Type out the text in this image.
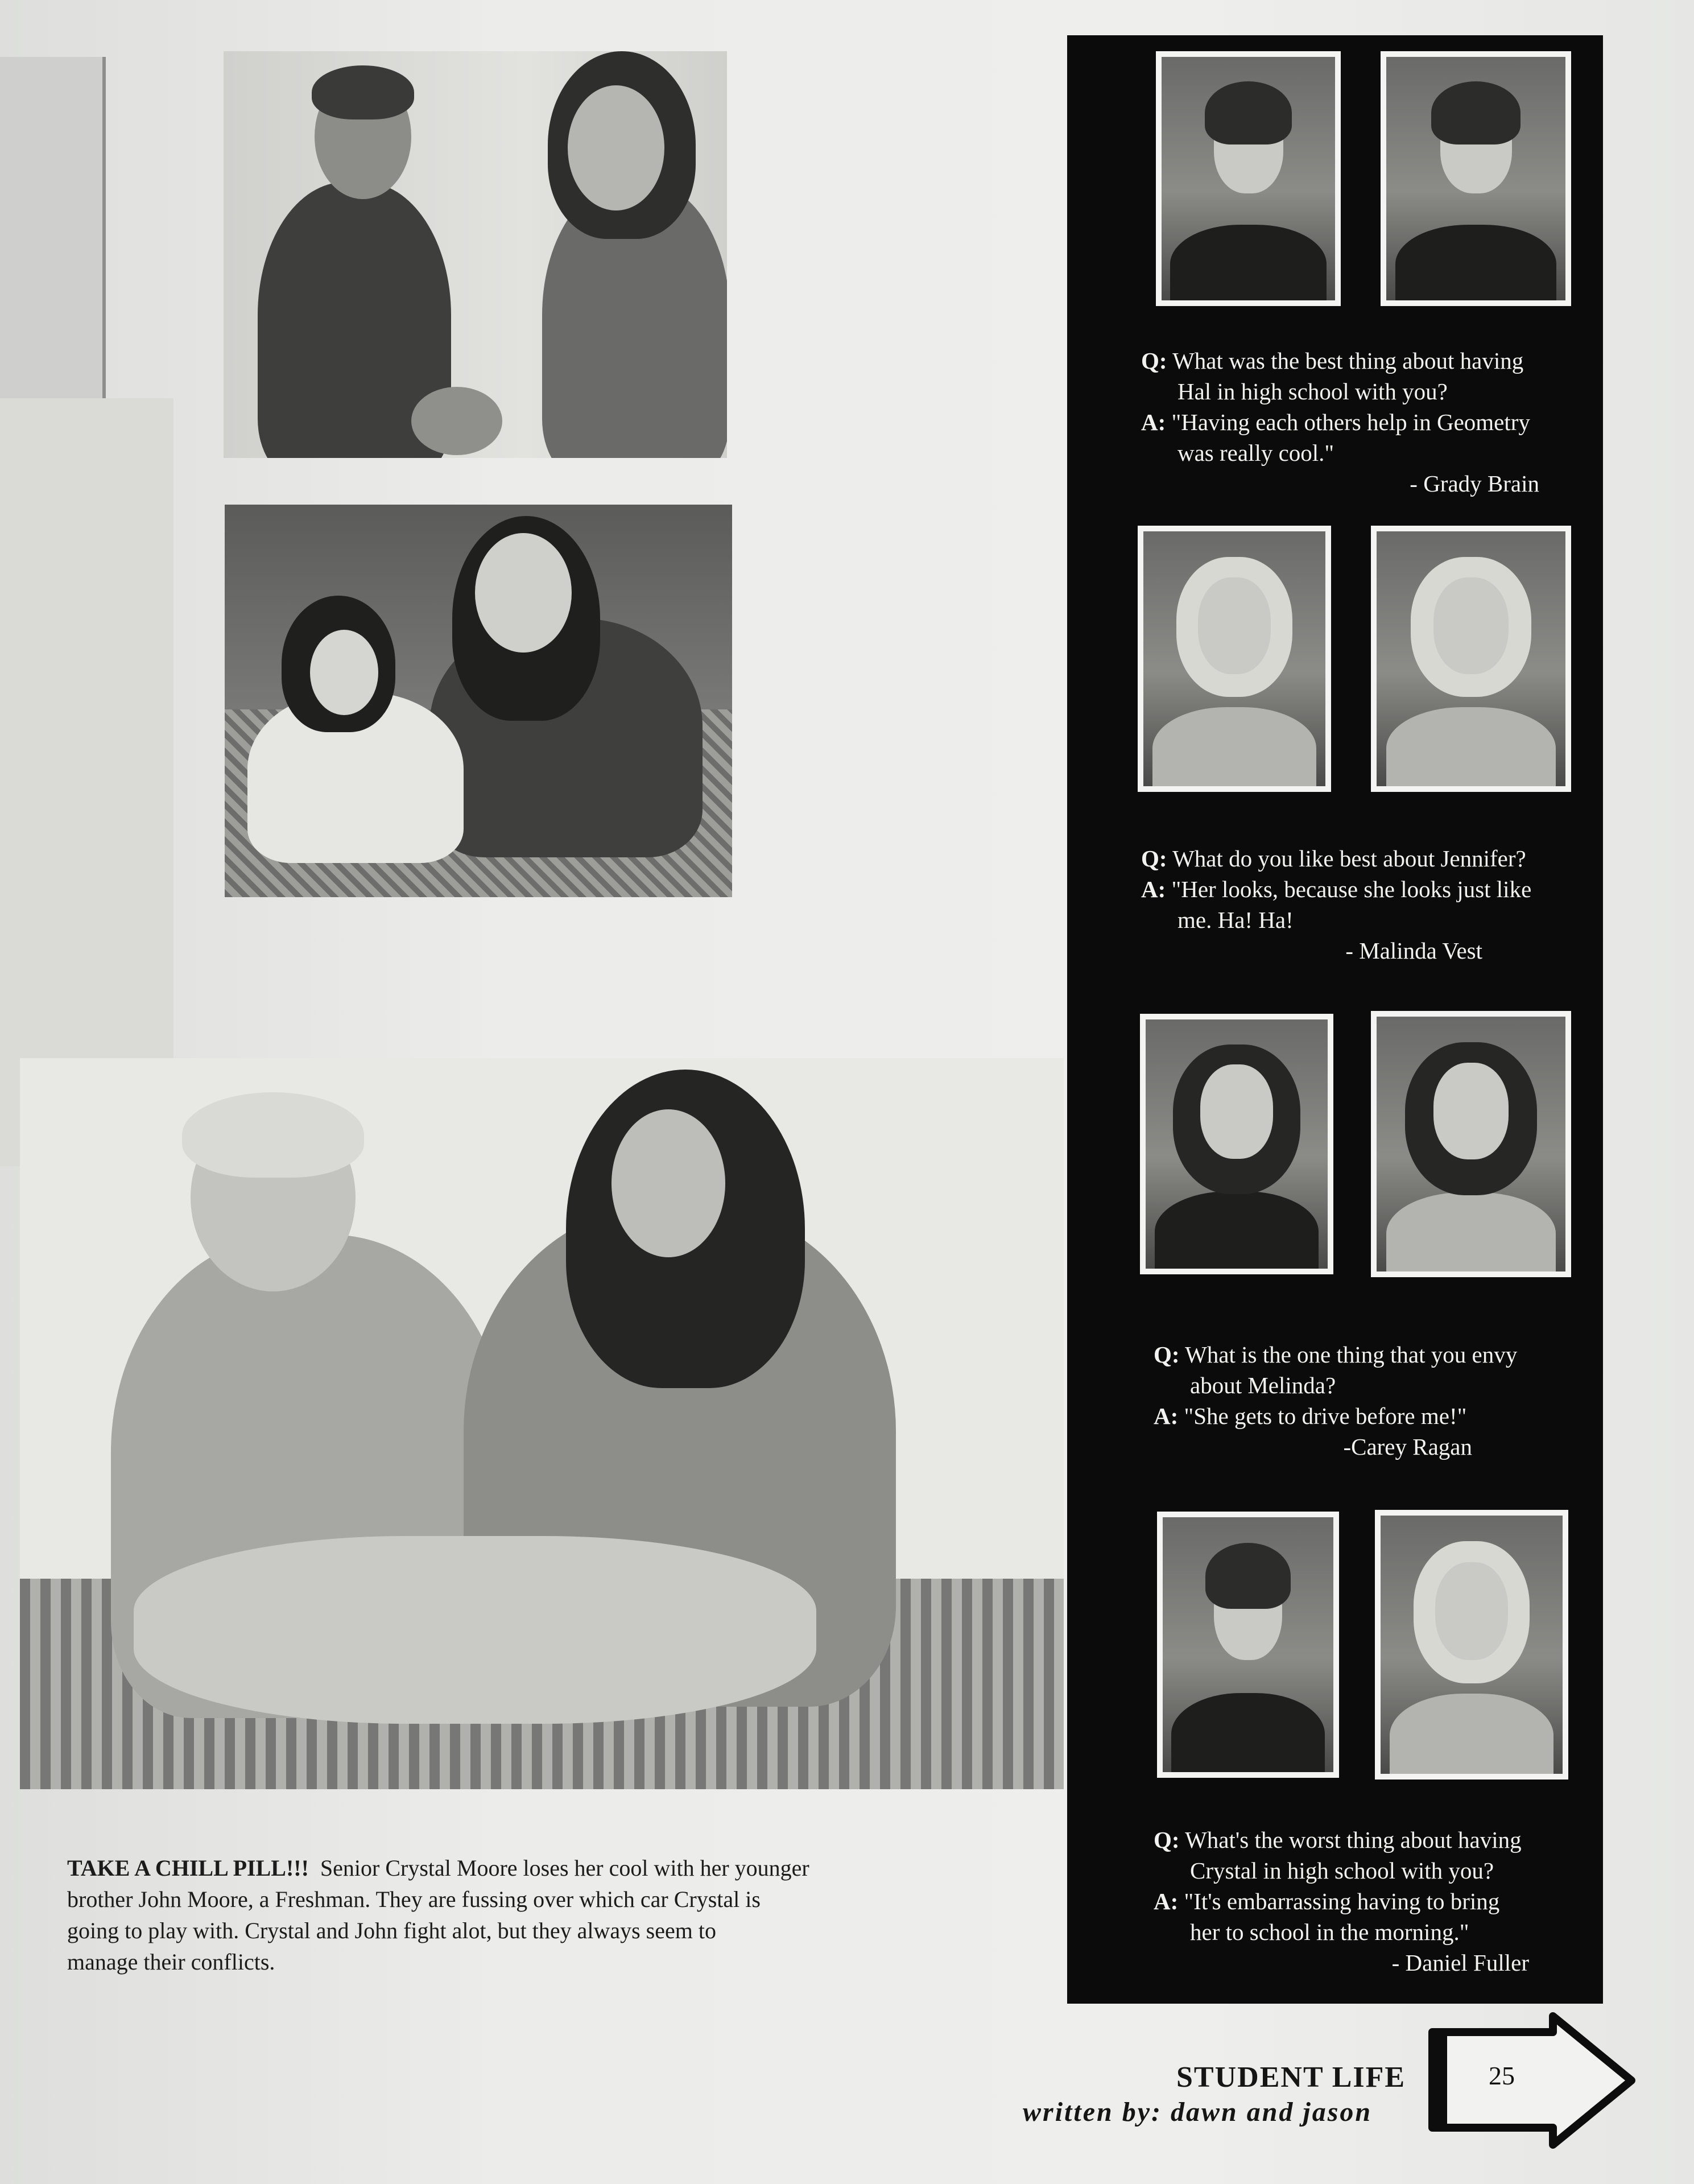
TAKE A CHILL PILL!!! Senior Crystal Moore loses her cool with her younger
brother John Moore, a Freshman. They are fussing over which car Crystal is
going to play with. Crystal and John fight alot, but they always seem to
manage their conflicts.
Q: What was the best thing about having
Hal in high school with you?
A: "Having each others help in Geometry
was really cool."
- Grady Brain
Q: What do you like best about Jennifer?
A: "Her looks, because she looks just like
me. Ha! Ha!
- Malinda Vest
Q: What is the one thing that you envy
about Melinda?
A: "She gets to drive before me!"
-Carey Ragan
Q: What's the worst thing about having
Crystal in high school with you?
A: "It's embarrassing having to bring
her to school in the morning."
- Daniel Fuller
STUDENT LIFE
written by: dawn and jason
25
